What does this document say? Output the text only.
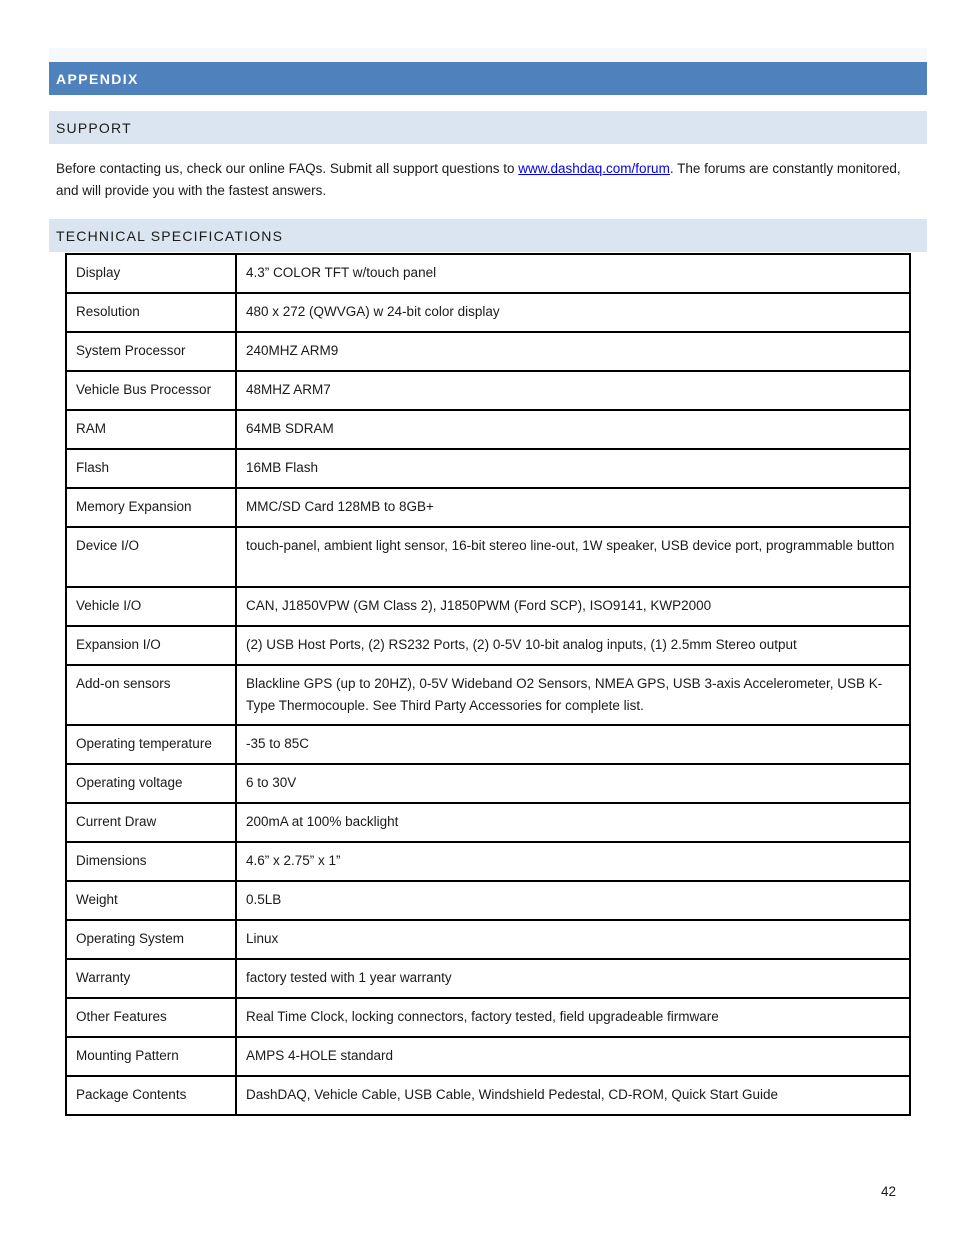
APPENDIX
SUPPORT
Before contacting us, check our online FAQs. Submit all support questions to www.dashdaq.com/forum. The forums are constantly monitored, and will provide you with the fastest answers.
TECHNICAL SPECIFICATIONS
Display	4.3” COLOR TFT w/touch panel
Resolution	480 x 272 (QWVGA) w 24-bit color display
System Processor	240MHZ ARM9
Vehicle Bus Processor	48MHZ ARM7
RAM	64MB SDRAM
Flash	16MB Flash
Memory Expansion	MMC/SD Card 128MB to 8GB+
Device I/O	touch-panel, ambient light sensor, 16-bit stereo line-out, 1W speaker, USB device port, programmable button
Vehicle I/O	CAN, J1850VPW (GM Class 2), J1850PWM (Ford SCP), ISO9141, KWP2000
Expansion I/O	(2) USB Host Ports, (2) RS232 Ports, (2) 0-5V 10-bit analog inputs, (1) 2.5mm Stereo output
Add-on sensors	Blackline GPS (up to 20HZ), 0-5V Wideband O2 Sensors, NMEA GPS, USB 3-axis Accelerometer, USB K-Type Thermocouple. See Third Party Accessories for complete list.
Operating temperature	-35 to 85C
Operating voltage	6 to 30V
Current Draw	200mA at 100% backlight
Dimensions	4.6” x 2.75” x 1”
Weight	0.5LB
Operating System	Linux
Warranty	factory tested with 1 year warranty
Other Features	Real Time Clock, locking connectors, factory tested, field upgradeable firmware
Mounting Pattern	AMPS 4-HOLE standard
Package Contents	DashDAQ, Vehicle Cable, USB Cable, Windshield Pedestal, CD-ROM, Quick Start Guide
42
